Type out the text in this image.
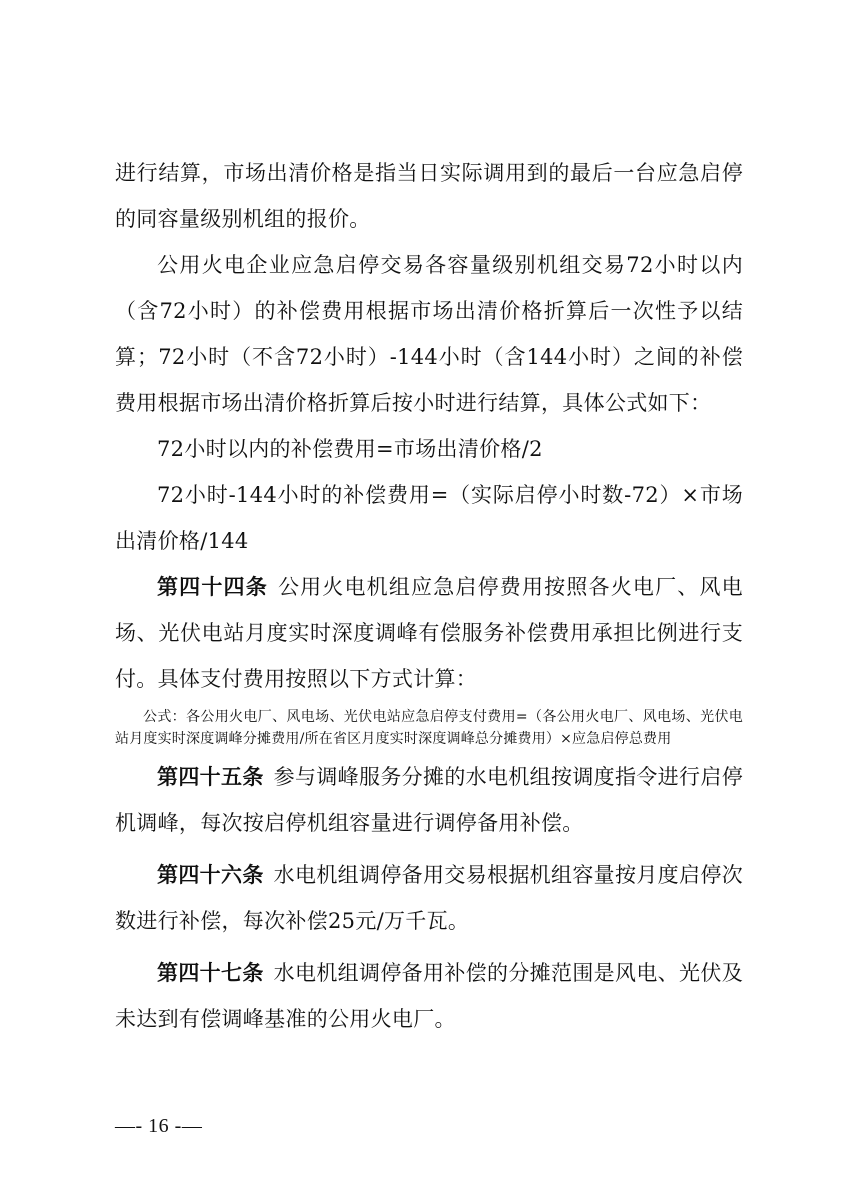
进行结算，市场出清价格是指当日实际调用到的最后一台应急启停的同容量级别机组的报价。

公用火电企业应急启停交易各容量级别机组交易72小时以内（含72小时）的补偿费用根据市场出清价格折算后一次性予以结算；72小时（不含72小时）-144小时（含144小时）之间的补偿费用根据市场出清价格折算后按小时进行结算，具体公式如下：

72小时以内的补偿费用=市场出清价格/2

72小时-144小时的补偿费用=（实际启停小时数-72）×市场出清价格/144

第四十四条 公用火电机组应急启停费用按照各火电厂、风电场、光伏电站月度实时深度调峰有偿服务补偿费用承担比例进行支付。具体支付费用按照以下方式计算：

公式：各公用火电厂、风电场、光伏电站应急启停支付费用=（各公用火电厂、风电场、光伏电站月度实时深度调峰分摊费用/所在省区月度实时深度调峰总分摊费用）×应急启停总费用

第四十五条 参与调峰服务分摊的水电机组按调度指令进行启停机调峰，每次按启停机组容量进行调停备用补偿。

第四十六条 水电机组调停备用交易根据机组容量按月度启停次数进行补偿，每次补偿25元/万千瓦。

第四十七条 水电机组调停备用补偿的分摊范围是风电、光伏及未达到有偿调峰基准的公用火电厂。

—- 16 -—
